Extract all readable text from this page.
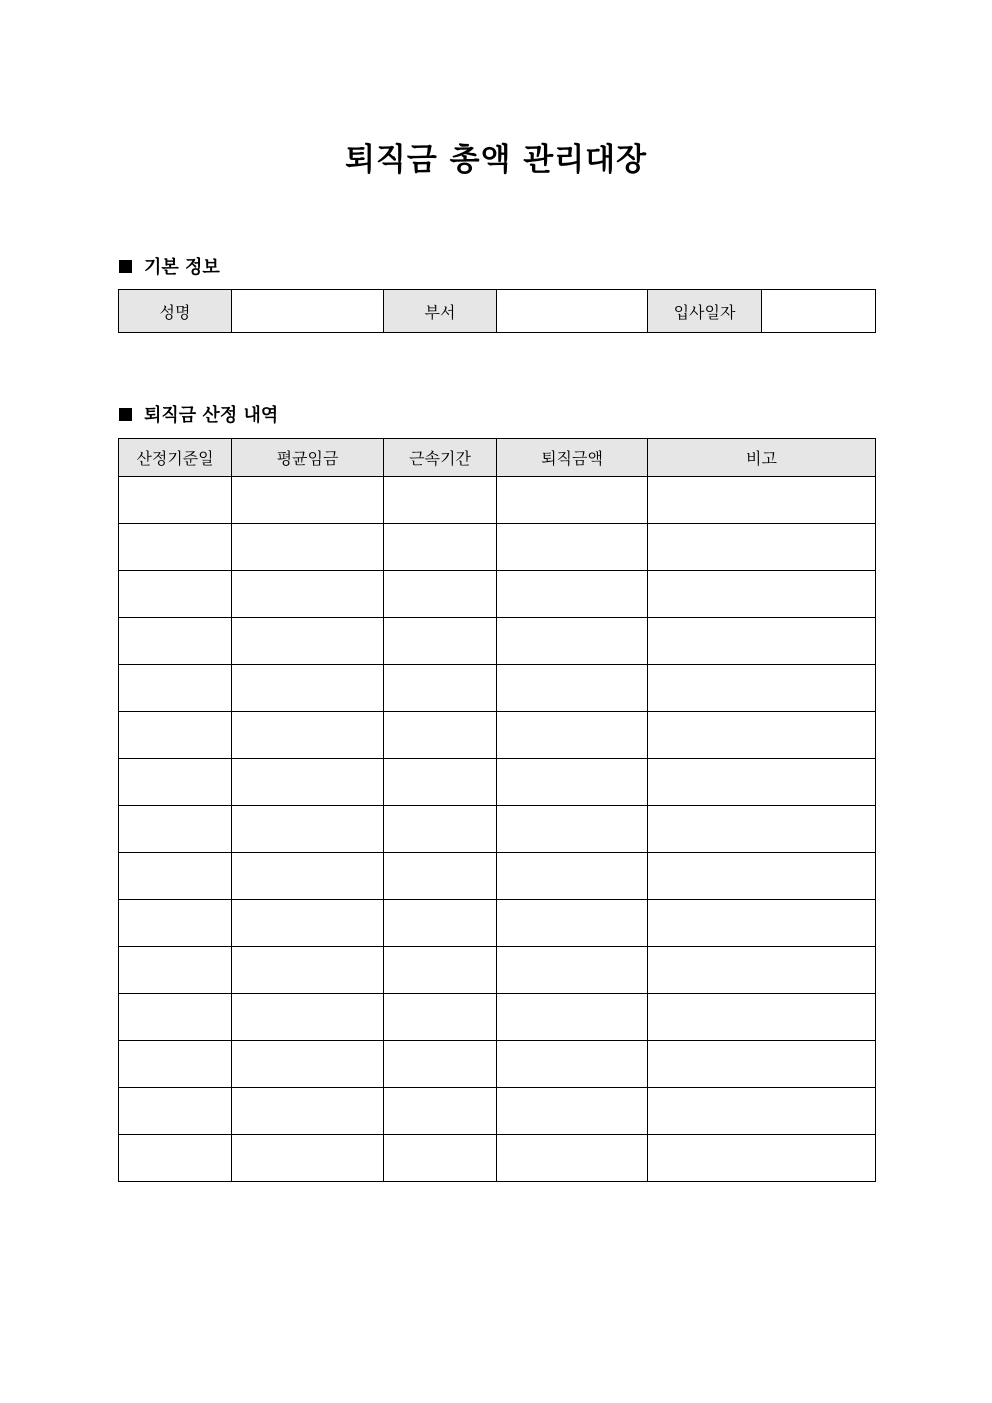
퇴직금 총액 관리대장
기본 정보
성명		부서		입사일자	
퇴직금 산정 내역
산정기준일	평균임금	근속기간	퇴직금액	비고
